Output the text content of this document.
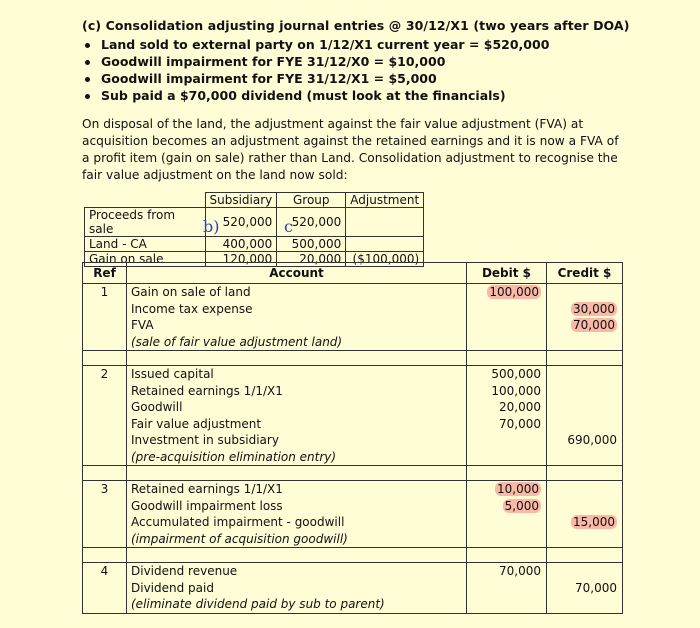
(c) Consolidation adjusting journal entries @ 30/12/X1 (two years after DOA)
Land sold to external party on 1/12/X1 current year = $520,000
Goodwill impairment for FYE 31/12/X0 = $10,000
Goodwill impairment for FYE 31/12/X1 = $5,000
Sub paid a $70,000 dividend (must look at the financials)

On disposal of the land, the adjustment against the fair value adjustment (FVA) at acquisition becomes an adjustment against the retained earnings and it is now a FVA of a profit item (gain on sale) rather than Land. Consolidation adjustment to recognise the fair value adjustment on the land now sold:

	Subsidiary	Group	Adjustment
Proceeds from sale	520,000	520,000	
Land - CA	400,000	500,000	
Gain on sale	120,000	20,000	($100,000)
b)	c
Ref	Account	Debit $	Credit $
1	Gain on sale of land	100,000	
	Income tax expense		30,000
	FVA		70,000
	(sale of fair value adjustment land)		

2	Issued capital	500,000	
	Retained earnings 1/1/X1	100,000	
	Goodwill	20,000	
	Fair value adjustment	70,000	
	Investment in subsidiary		690,000
	(pre-acquisition elimination entry)		

3	Retained earnings 1/1/X1	10,000	
	Goodwill impairment loss	5,000	
	Accumulated impairment - goodwill		15,000
	(impairment of acquisition goodwill)		

4	Dividend revenue	70,000	
	Dividend paid		70,000
	(eliminate dividend paid by sub to parent)		
